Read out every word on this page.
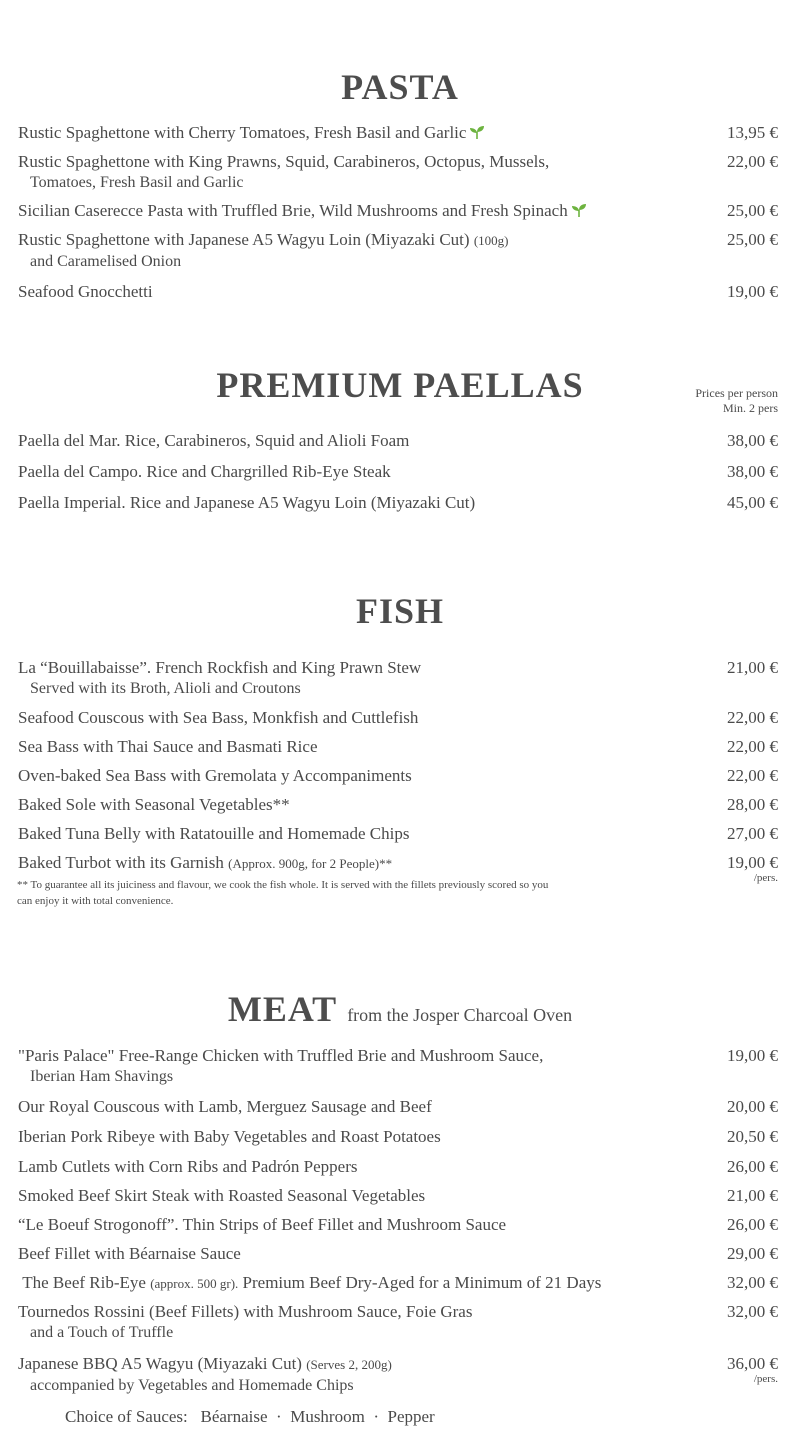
PASTA
Rustic Spaghettone with Cherry Tomatoes, Fresh Basil and Garlic	13,95 €
Rustic Spaghettone with King Prawns, Squid, Carabineros, Octopus, Mussels,
Tomatoes, Fresh Basil and Garlic
22,00 €
Sicilian Caserecce Pasta with Truffled Brie, Wild Mushrooms and Fresh Spinach	25,00 €
Rustic Spaghettone with Japanese A5 Wagyu Loin (Miyazaki Cut) (100g)
and Caramelised Onion
25,00 €
Seafood Gnocchetti	19,00 €
PREMIUM PAELLAS	Prices per person
Min. 2 pers
Paella del Mar. Rice, Carabineros, Squid and Alioli Foam	38,00 €
Paella del Campo. Rice and Chargrilled Rib-Eye Steak	38,00 €
Paella Imperial. Rice and Japanese A5 Wagyu Loin (Miyazaki Cut)	45,00 €
FISH
La “Bouillabaisse”. French Rockfish and King Prawn Stew
Served with its Broth, Alioli and Croutons
21,00 €
Seafood Couscous with Sea Bass, Monkfish and Cuttlefish	22,00 €
Sea Bass with Thai Sauce and Basmati Rice	22,00 €
Oven-baked Sea Bass with Gremolata y Accompaniments	22,00 €
Baked Sole with Seasonal Vegetables**	28,00 €
Baked Tuna Belly with Ratatouille and Homemade Chips	27,00 €
Baked Turbot with its Garnish (Approx. 900g, for 2 People)**	19,00 €
/pers.
** To guarantee all its juiciness and flavour, we cook the fish whole. It is served with the fillets previously scored so you
can enjoy it with total convenience.
MEAT from the Josper Charcoal Oven
"Paris Palace" Free-Range Chicken with Truffled Brie and Mushroom Sauce,
Iberian Ham Shavings
19,00 €
Our Royal Couscous with Lamb, Merguez Sausage and Beef	20,00 €
Iberian Pork Ribeye with Baby Vegetables and Roast Potatoes	20,50 €
Lamb Cutlets with Corn Ribs and Padrón Peppers	26,00 €
Smoked Beef Skirt Steak with Roasted Seasonal Vegetables	21,00 €
“Le Boeuf Strogonoff”. Thin Strips of Beef Fillet and Mushroom Sauce	26,00 €
Beef Fillet with Béarnaise Sauce	29,00 €
The Beef Rib-Eye (approx. 500 gr). Premium Beef Dry-Aged for a Minimum of 21 Days	32,00 €
Tournedos Rossini (Beef Fillets) with Mushroom Sauce, Foie Gras
and a Touch of Truffle
32,00 €
Japanese BBQ A5 Wagyu (Miyazaki Cut) (Serves 2, 200g)
accompanied by Vegetables and Homemade Chips
36,00 €
/pers.
Choice of Sauces: Béarnaise · Mushroom · Pepper
